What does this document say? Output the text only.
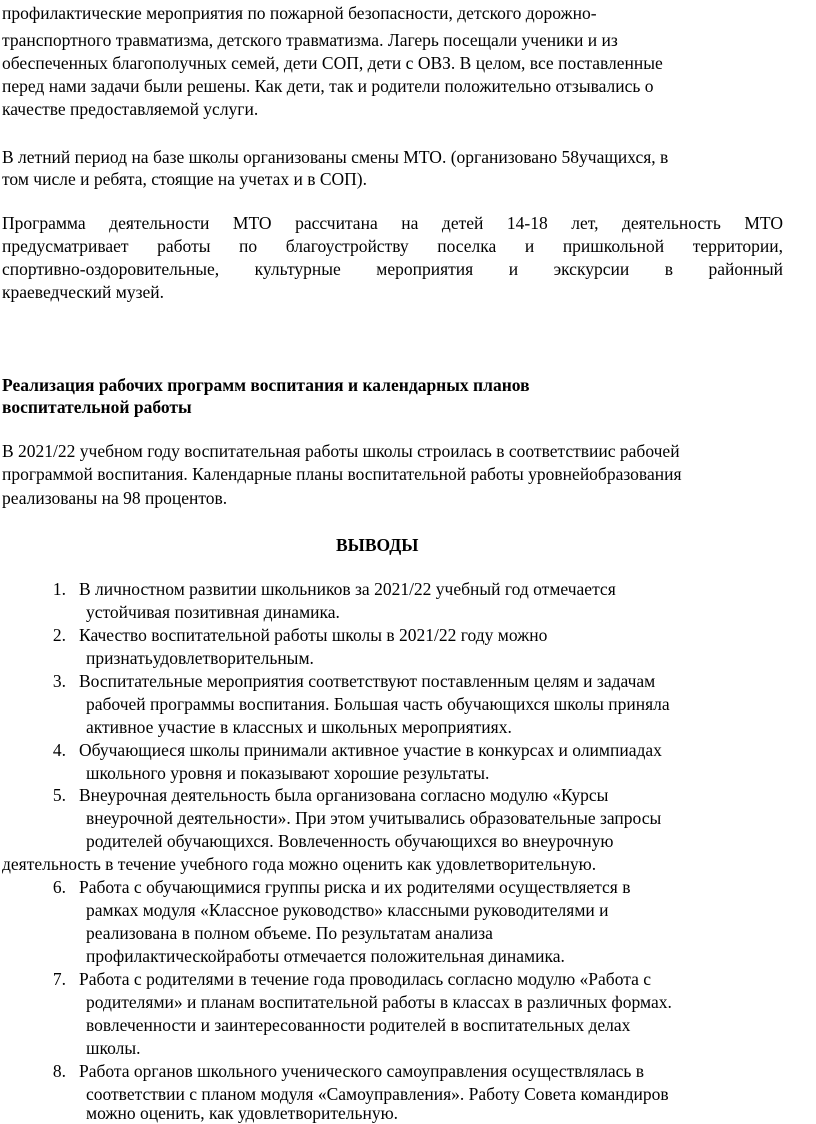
профилактические мероприятия по пожарной безопасности, детского дорожно-
транспортного травматизма, детского травматизма. Лагерь посещали ученики и из
обеспеченных благополучных семей, дети СОП, дети с ОВЗ. В целом, все поставленные
перед нами задачи были решены. Как дети, так и родители положительно отзывались о
качестве предоставляемой услуги.
В летний период на базе школы организованы смены МТО. (организовано 58учащихся, в
том числе и ребята, стоящие на учетах и в СОП).
Программа деятельности МТО рассчитана на детей 14-18 лет, деятельность МТО
предусматривает работы по благоустройству поселка и пришкольной территории,
спортивно-оздоровительные, культурные мероприятия и экскурсии в районный
краеведческий музей.
Реализация рабочих программ воспитания и календарных планов
воспитательной работы
В 2021/22 учебном году воспитательная работы школы строилась в соответствиис рабочей
программой воспитания. Календарные планы воспитательной работы уровнейобразования
реализованы на 98 процентов.
ВЫВОДЫ
1. В личностном развитии школьников за 2021/22 учебный год отмечается
устойчивая позитивная динамика.
2. Качество воспитательной работы школы в 2021/22 году можно
признатьудовлетворительным.
3. Воспитательные мероприятия соответствуют поставленным целям и задачам
рабочей программы воспитания. Большая часть обучающихся школы приняла
активное участие в классных и школьных мероприятиях.
4. Обучающиеся школы принимали активное участие в конкурсах и олимпиадах
школьного уровня и показывают хорошие результаты.
5. Внеурочная деятельность была организована согласно модулю «Курсы
внеурочной деятельности». При этом учитывались образовательные запросы
родителей обучающихся. Вовлеченность обучающихся во внеурочную
деятельность в течение учебного года можно оценить как удовлетворительную.
6. Работа с обучающимися группы риска и их родителями осуществляется в
рамках модуля «Классное руководство» классными руководителями и
реализована в полном объеме. По результатам анализа
профилактическойработы отмечается положительная динамика.
7. Работа с родителями в течение года проводилась согласно модулю «Работа с
родителями» и планам воспитательной работы в классах в различных формах.
вовлеченности и заинтересованности родителей в воспитательных делах
школы.
8. Работа органов школьного ученического самоуправления осуществлялась в
соответствии с планом модуля «Самоуправления». Работу Совета командиров
можно оценить, как удовлетворительную.
